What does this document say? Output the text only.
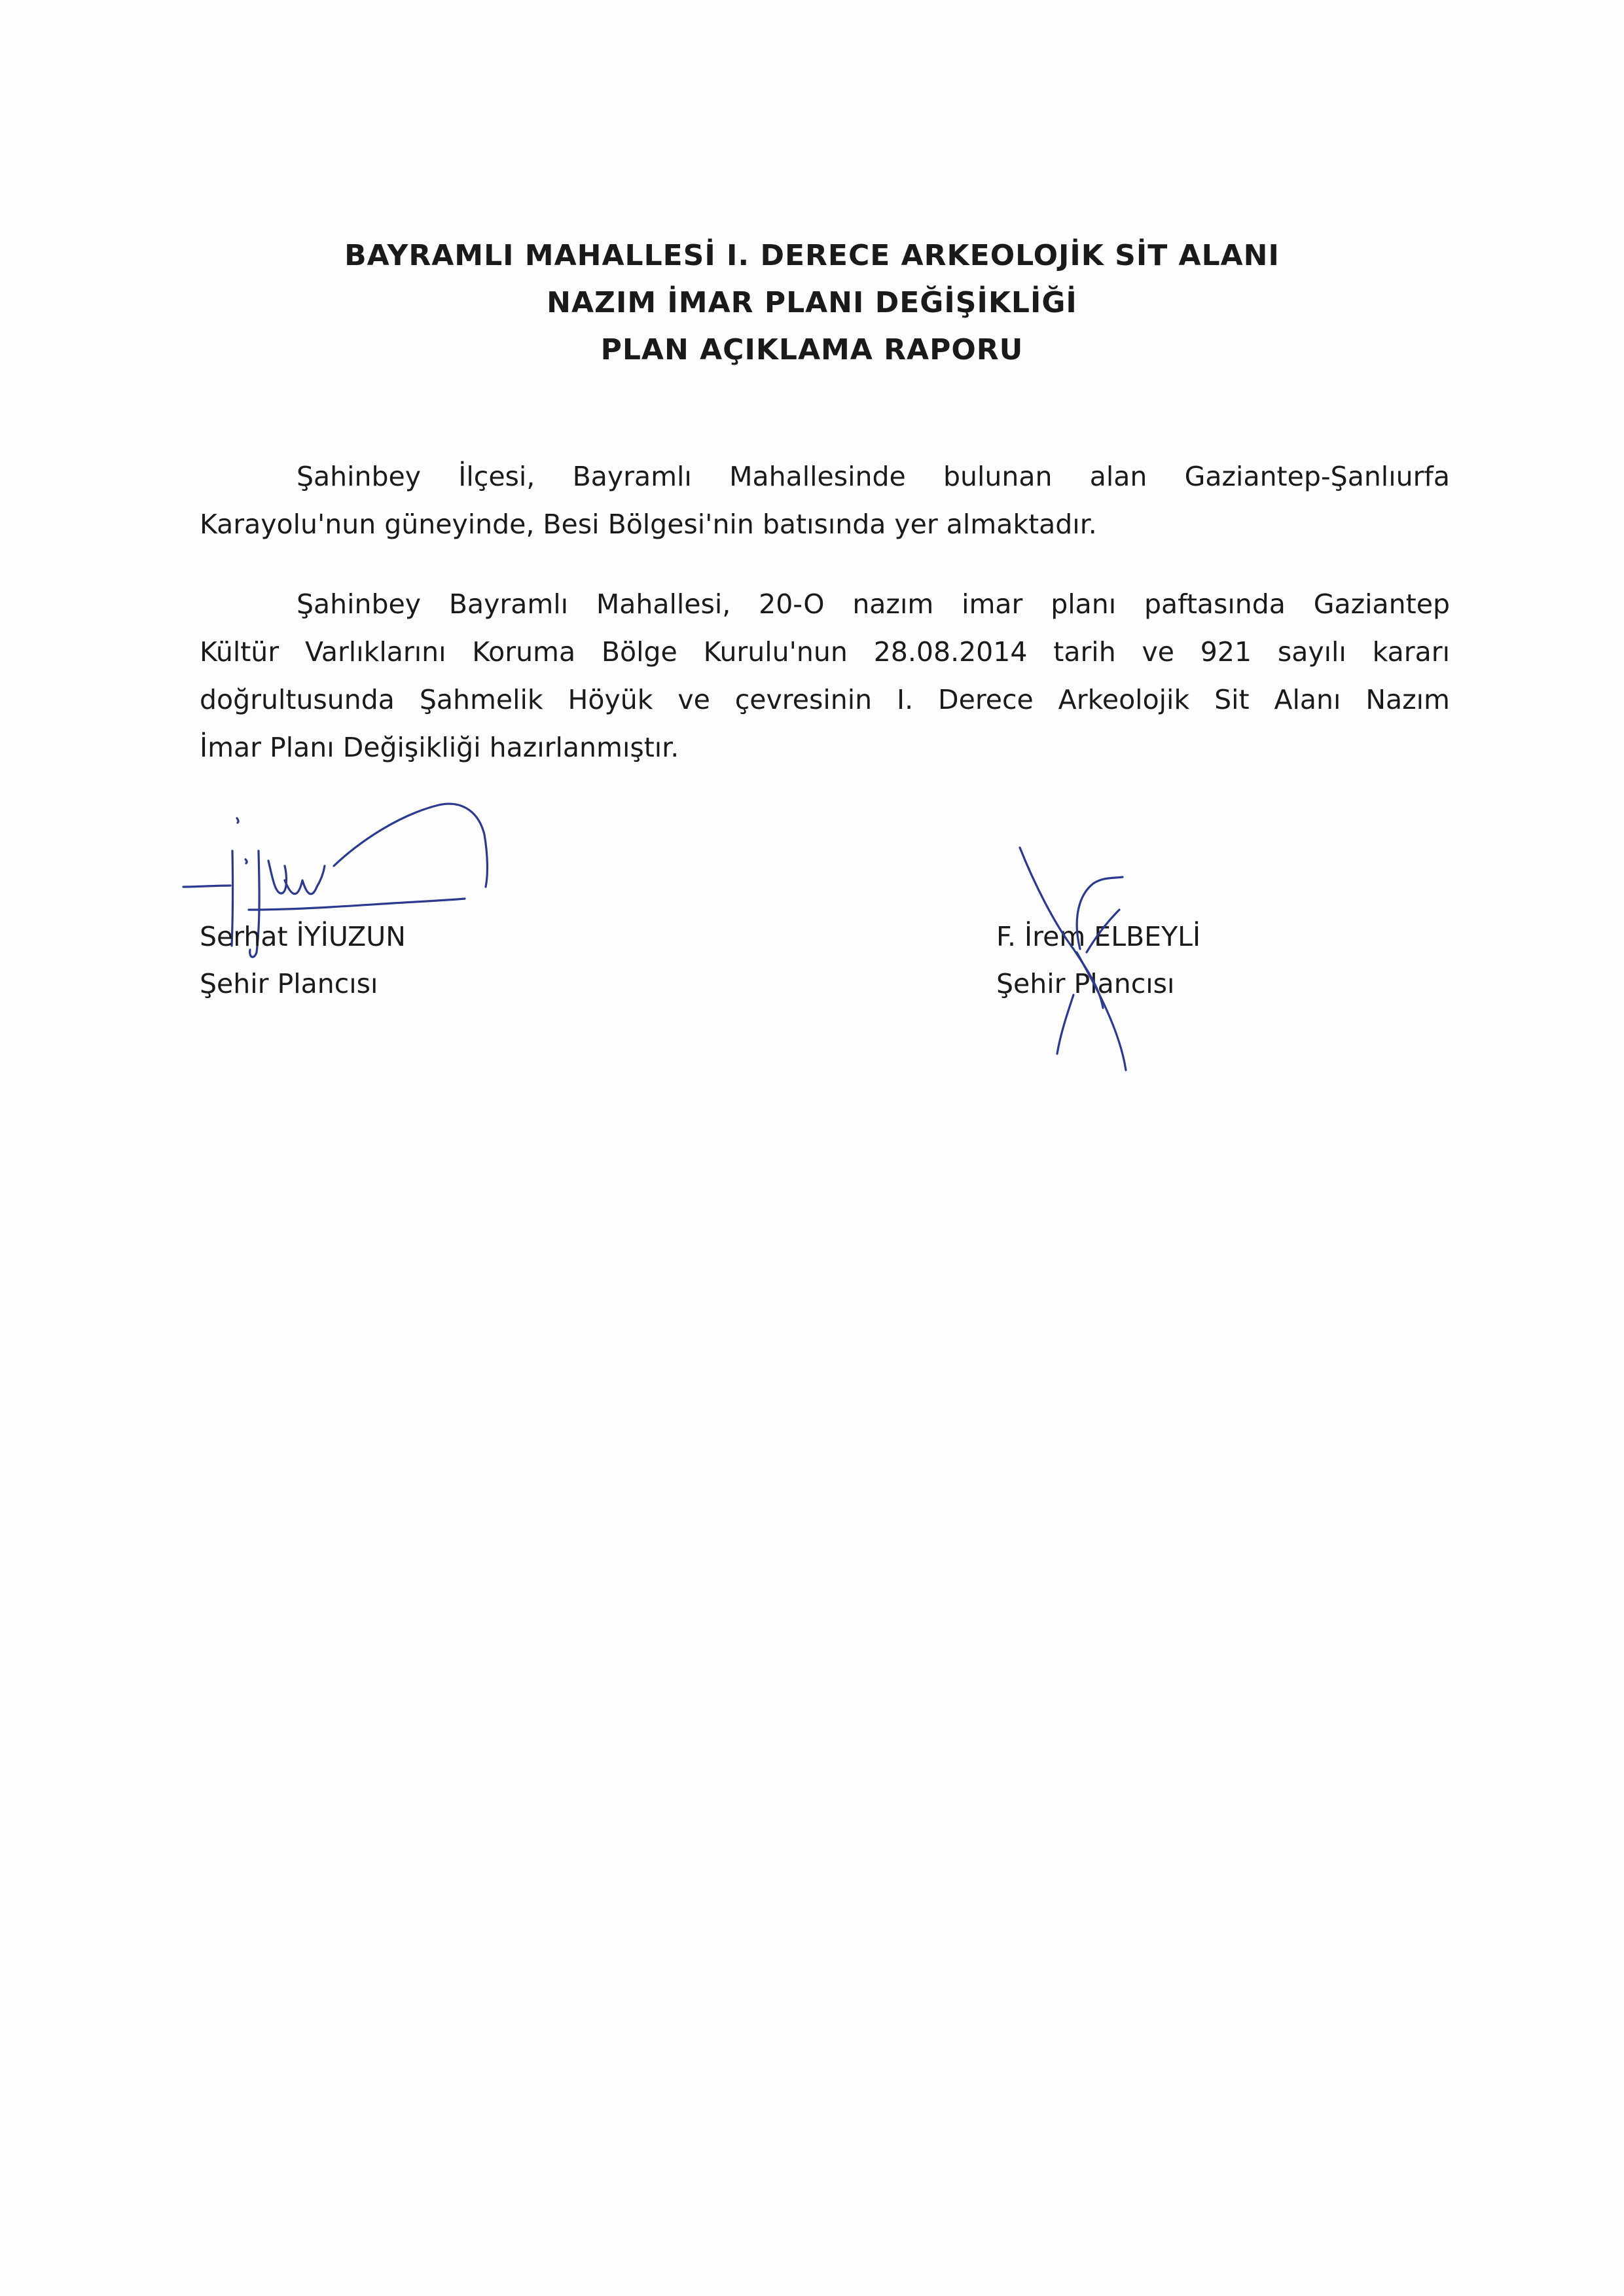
BAYRAMLI MAHALLESİ I. DERECE ARKEOLOJİK SİT ALANI
NAZIM İMAR PLANI DEĞİŞİKLİĞİ
PLAN AÇIKLAMA RAPORU
Şahinbey İlçesi, Bayramlı Mahallesinde bulunan alan Gaziantep-Şanlıurfa
Karayolu'nun güneyinde, Besi Bölgesi'nin batısında yer almaktadır.
Şahinbey Bayramlı Mahallesi, 20-O nazım imar planı paftasında Gaziantep
Kültür Varlıklarını Koruma Bölge Kurulu'nun 28.08.2014 tarih ve 921 sayılı kararı
doğrultusunda Şahmelik Höyük ve çevresinin I. Derece Arkeolojik Sit Alanı Nazım
İmar Planı Değişikliği hazırlanmıştır.
Serhat İYİUZUN
Şehir Plancısı
F. İrem ELBEYLİ
Şehir Plancısı
